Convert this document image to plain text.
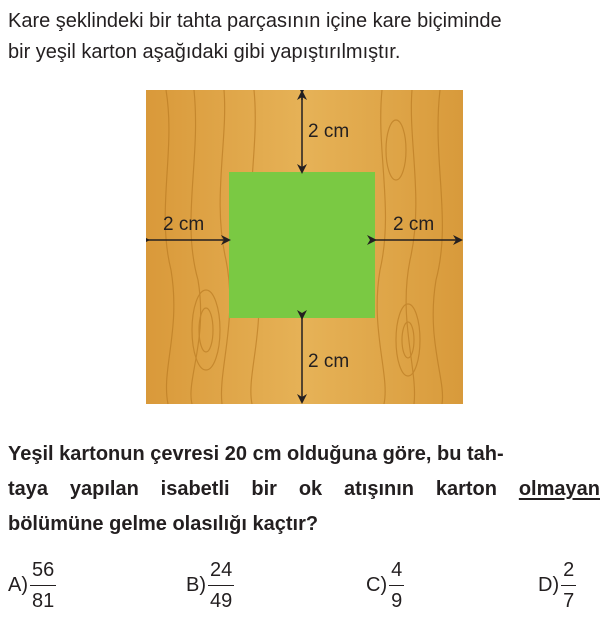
Kare şeklindeki bir tahta parçasının içine kare biçiminde
bir yeşil karton aşağıdaki gibi yapıştırılmıştır.
2 cm
2 cm	2 cm
2 cm
Yeşil kartonun çevresi 20 cm olduğuna göre, bu tah-
taya yapılan isabetli bir ok atışının karton olmayan
bölümüne gelme olasılığı kaçtır?
$A) \frac{56}{81}$	$B) \frac{24}{49}$	$C) \frac{4}{9}$	$D) \frac{2}{7}$
